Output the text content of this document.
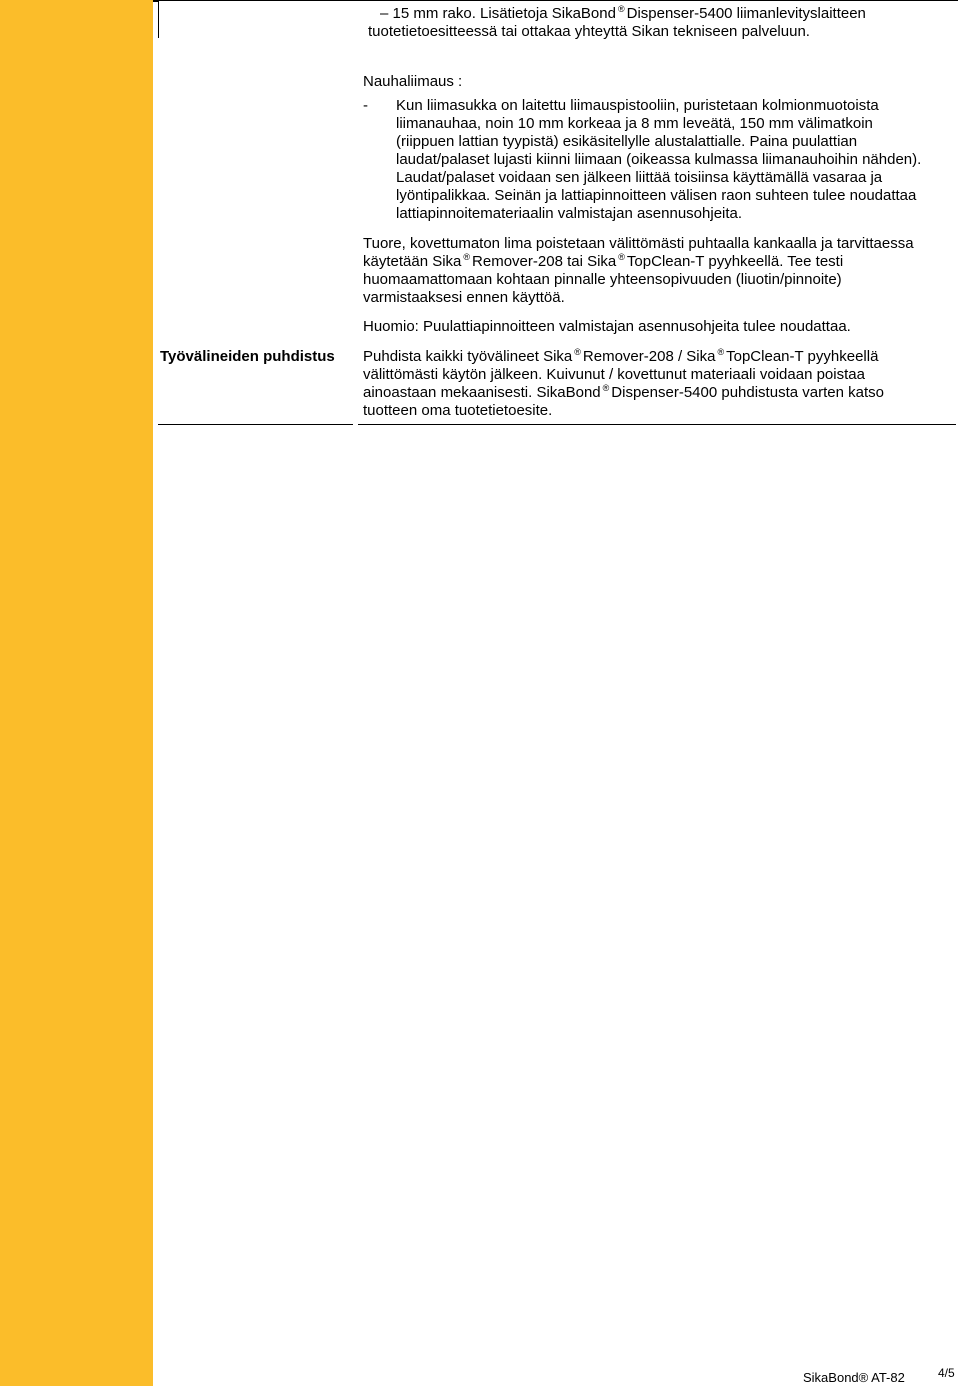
– 15 mm rako. Lisätietoja SikaBond ® Dispenser-5400 liimanlevityslaitteen
tuotetietoesitteessä tai ottakaa yhteyttä Sikan tekniseen palveluun.
Nauhaliimaus :
- Kun liimasukka on laitettu liimauspistooliin, puristetaan kolmionmuotoista
liimanauhaa, noin 10 mm korkeaa ja 8 mm leveätä, 150 mm välimatkoin
(riippuen lattian tyypistä) esikäsitellylle alustalattialle. Paina puulattian
laudat/palaset lujasti kiinni liimaan (oikeassa kulmassa liimanauhoihin nähden).
Laudat/palaset voidaan sen jälkeen liittää toisiinsa käyttämällä vasaraa ja
lyöntipalikkaa. Seinän ja lattiapinnoitteen välisen raon suhteen tulee noudattaa
lattiapinnoitemateriaalin valmistajan asennusohjeita.
Tuore, kovettumaton lima poistetaan välittömästi puhtaalla kankaalla ja tarvittaessa
käytetään Sika ® Remover-208 tai Sika ® TopClean-T pyyhkeellä. Tee testi
huomaamattomaan kohtaan pinnalle yhteensopivuuden (liuotin/pinnoite)
varmistaaksesi ennen käyttöä.
Huomio: Puulattiapinnoitteen valmistajan asennusohjeita tulee noudattaa.
Työvälineiden puhdistus Puhdista kaikki työvälineet Sika ® Remover-208 / Sika ® TopClean-T pyyhkeellä
välittömästi käytön jälkeen. Kuivunut / kovettunut materiaali voidaan poistaa
ainoastaan mekaanisesti. SikaBond ® Dispenser-5400 puhdistusta varten katso
tuotteen oma tuotetietoesite.
SikaBond® AT-82	4/5
